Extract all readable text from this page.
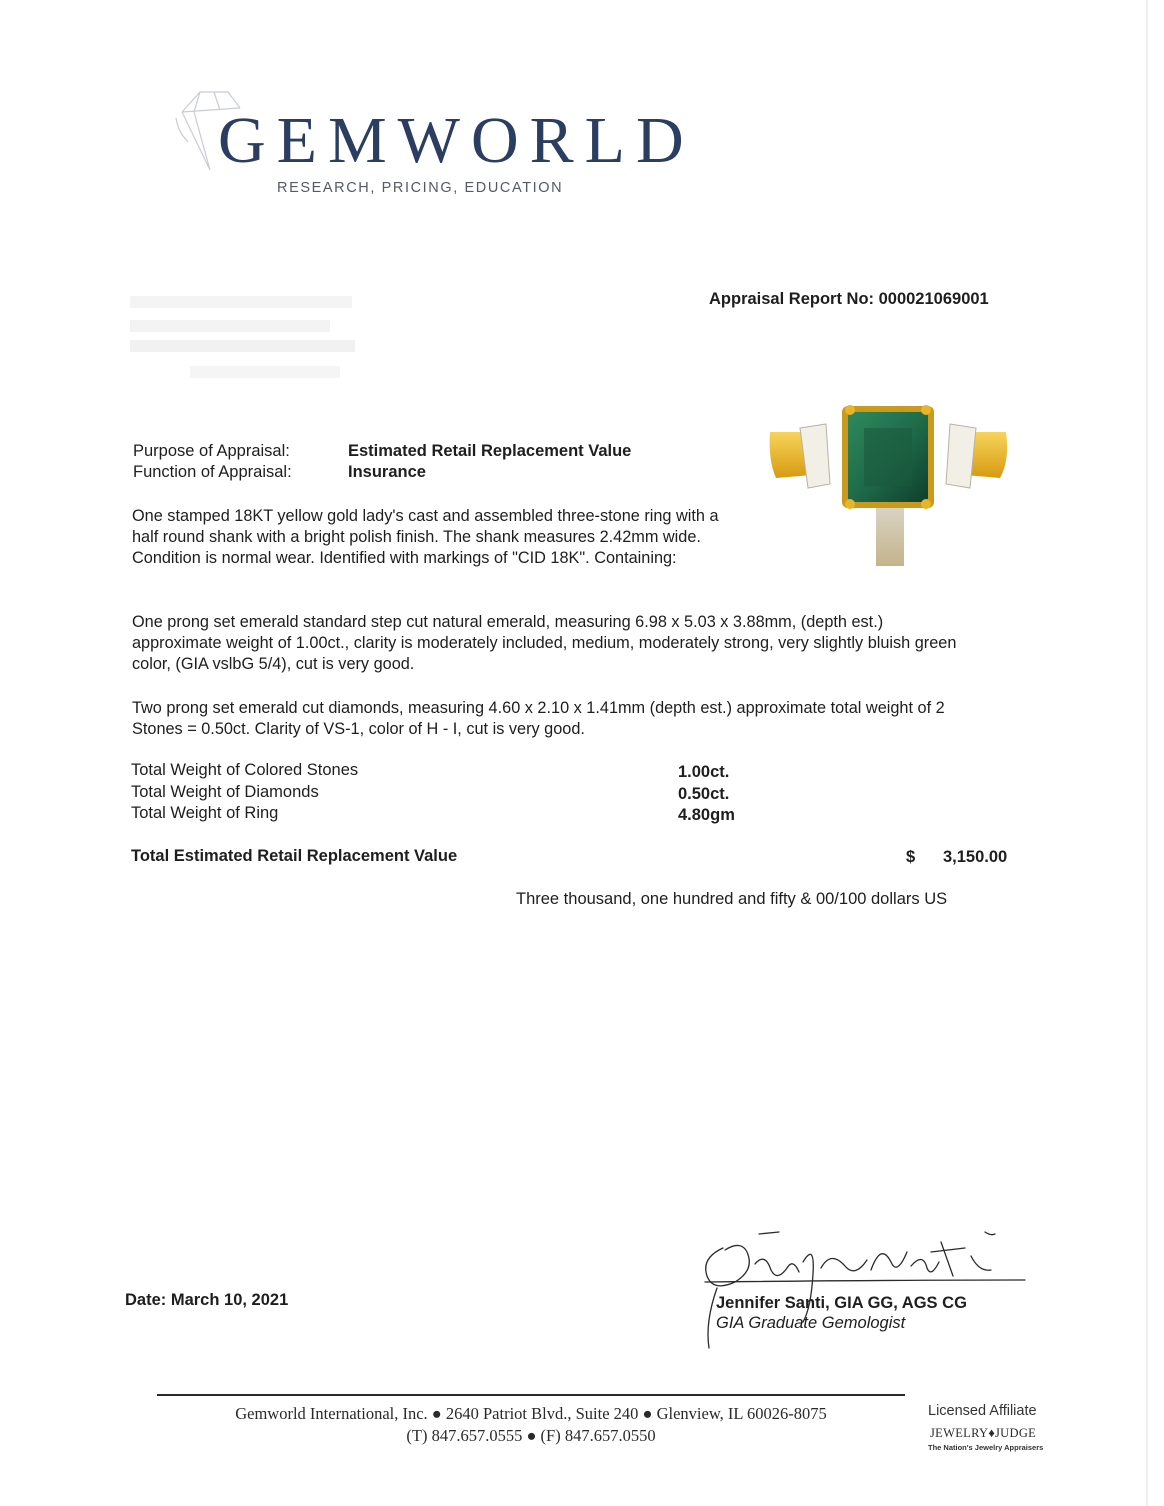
GEMWORLD
RESEARCH, PRICING, EDUCATION
Appraisal Report No: 000021069001
Purpose of Appraisal:
Function of Appraisal:
Estimated Retail Replacement Value
Insurance
One stamped 18KT yellow gold lady's cast and assembled three-stone ring with a half round shank with a bright polish finish. The shank measures 2.42mm wide. Condition is normal wear. Identified with markings of "CID 18K". Containing:
One prong set emerald standard step cut natural emerald, measuring 6.98 x 5.03 x 3.88mm, (depth est.) approximate weight of 1.00ct., clarity is moderately included, medium, moderately strong, very slightly bluish green color, (GIA vslbG 5/4), cut is very good.
Two prong set emerald cut diamonds, measuring 4.60 x 2.10 x 1.41mm (depth est.) approximate total weight of 2 Stones = 0.50ct. Clarity of VS-1, color of H - I, cut is very good.
Total Weight of Colored Stones
Total Weight of Diamonds
Total Weight of Ring
1.00ct.
0.50ct.
4.80gm
Total Estimated Retail Replacement Value	$ 3,150.00
Three thousand, one hundred and fifty & 00/100 dollars US
Date: March 10, 2021	Jennifer Santi, GIA GG, AGS CG
GIA Graduate Gemologist
Gemworld International, Inc. ● 2640 Patriot Blvd., Suite 240 ● Glenview, IL 60026-8075
(T) 847.657.0555 ● (F) 847.657.0550
Licensed Affiliate
JEWELRY♦JUDGE
The Nation's Jewelry Appraisers
